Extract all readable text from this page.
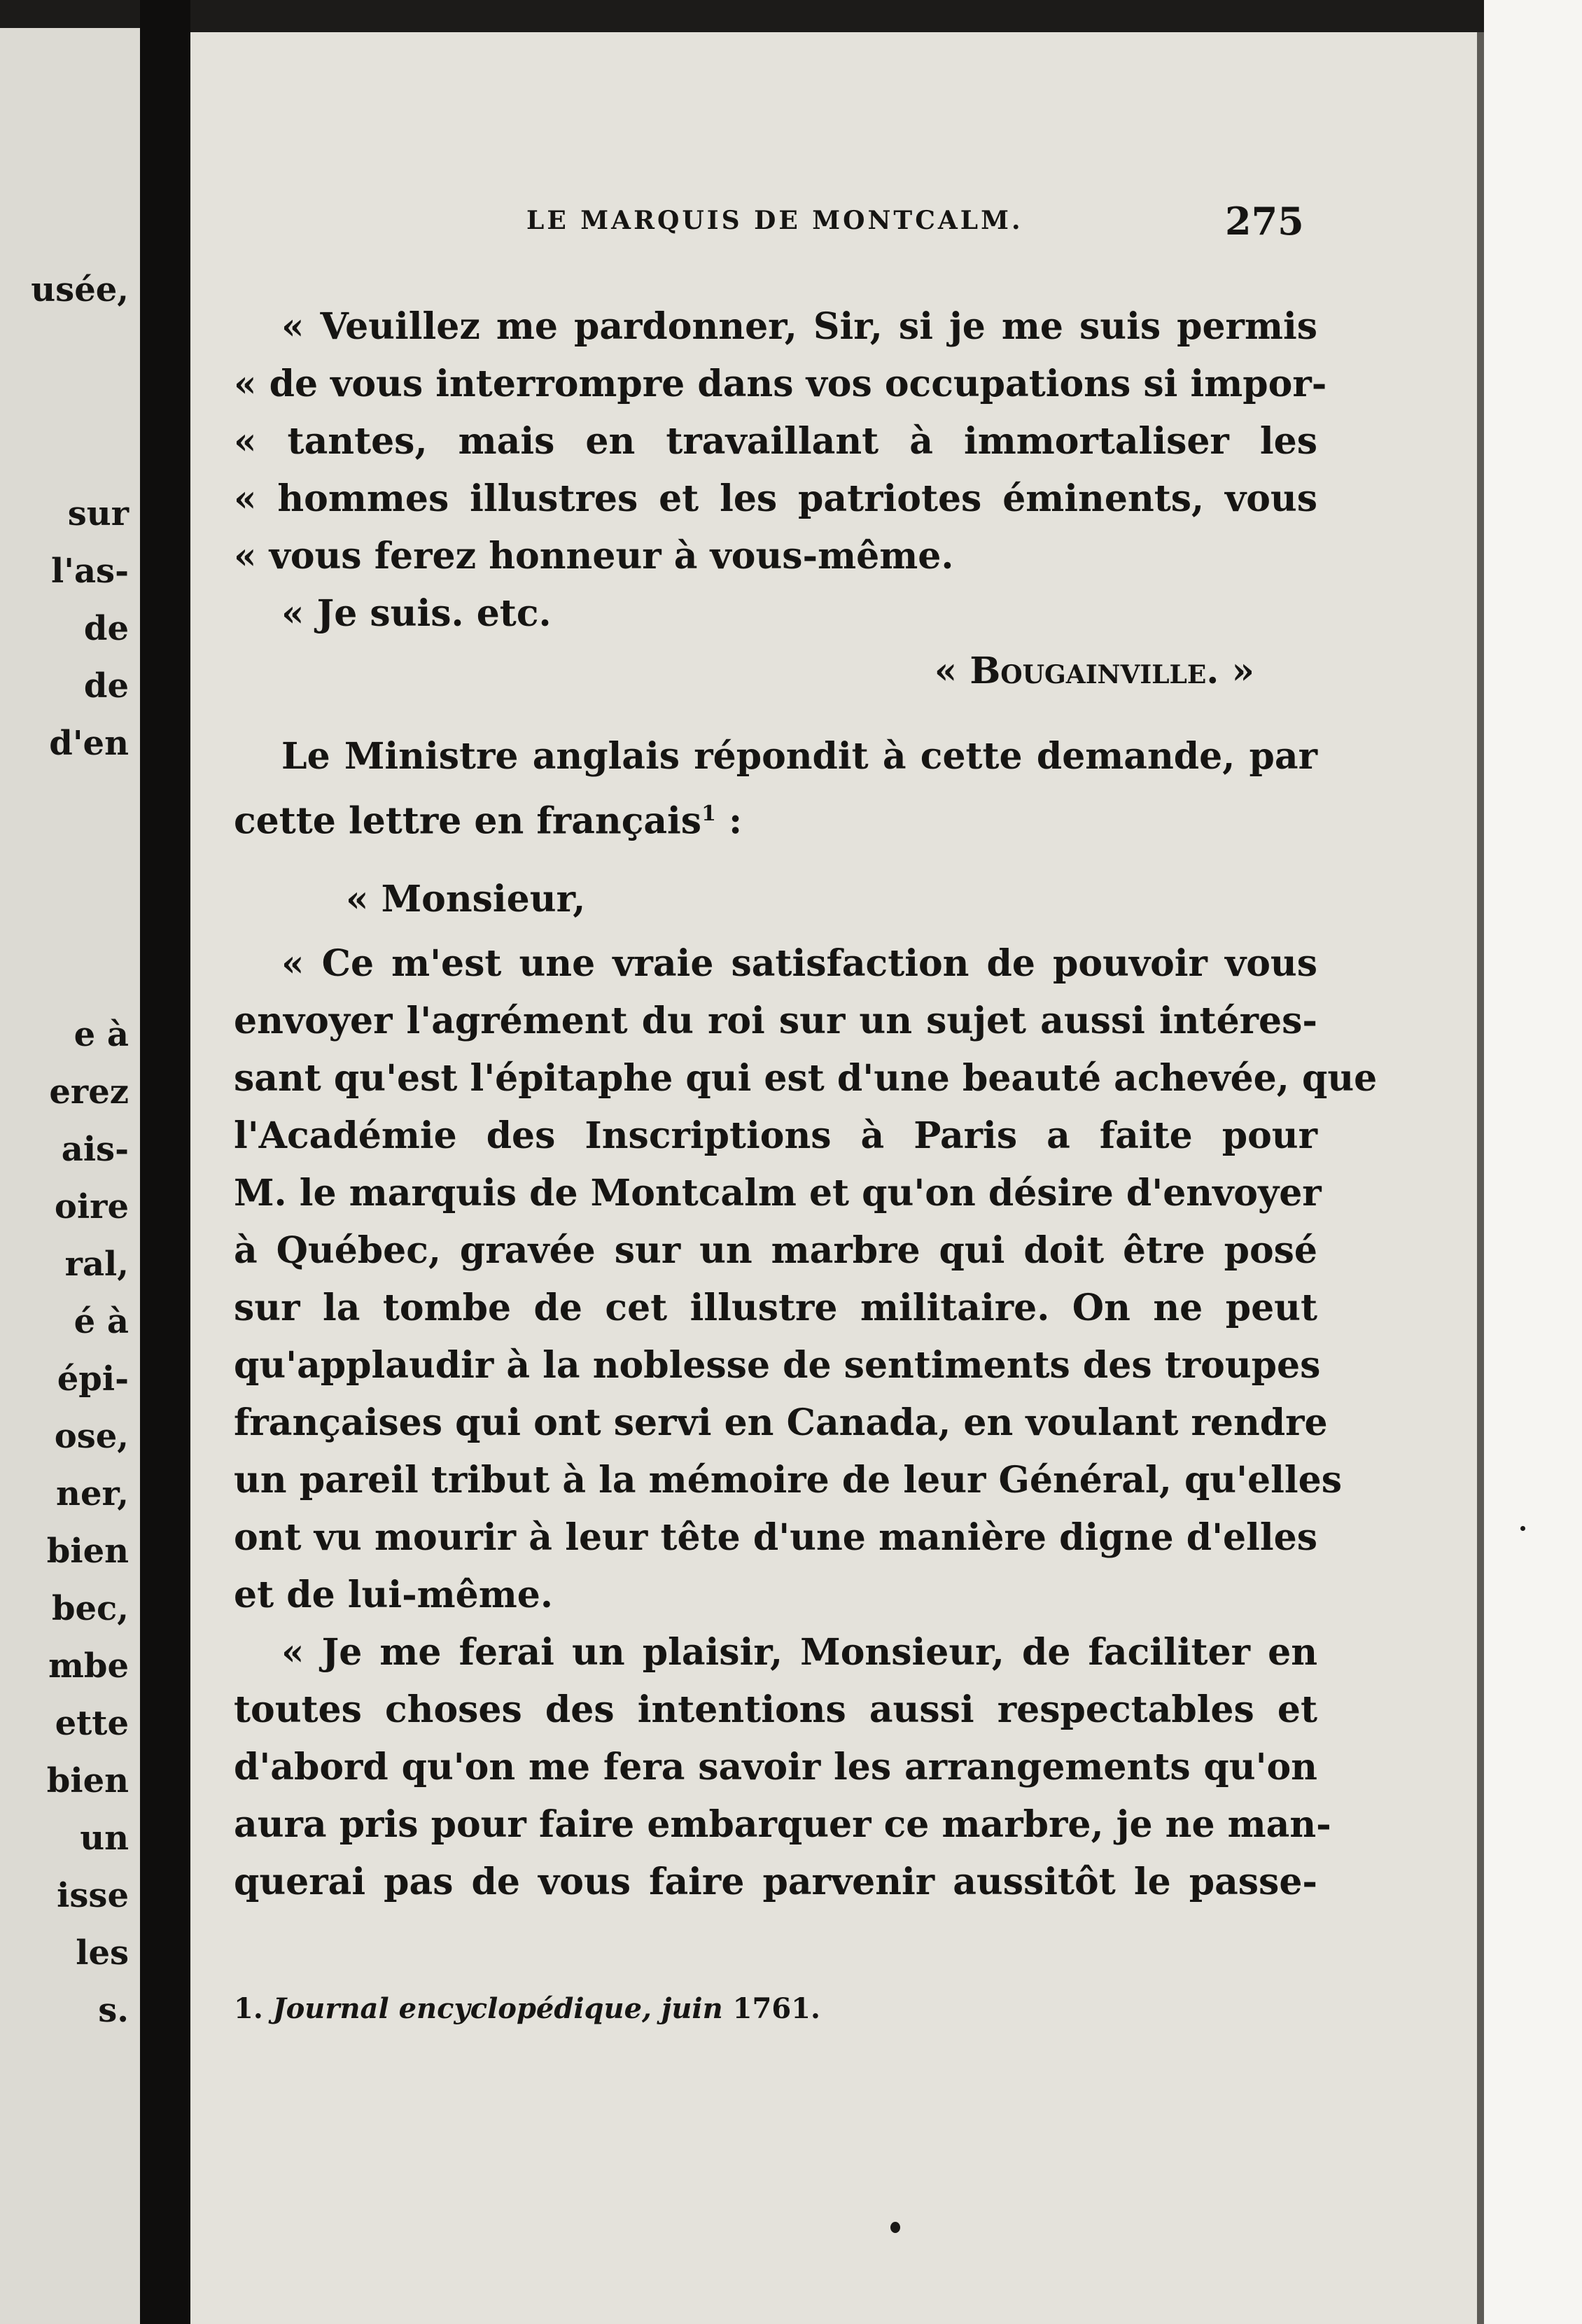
usée,
sur
l'as-
de
de
d'en
e à
erez
ais-
oire
ral,
é à
épi-
ose,
ner,
bien
bec,
mbe
ette
bien
un
isse
les
s.
LE MARQUIS DE MONTCALM.	275
« Veuillez me pardonner, Sir, si je me suis permis
« de vous interrompre dans vos occupations si impor-
« tantes, mais en travaillant à immortaliser les
« hommes illustres et les patriotes éminents, vous
« vous ferez honneur à vous-même.
« Je suis. etc.
« Bougainville. »
Le Ministre anglais répondit à cette demande, par
cette lettre en français$^1$ :
« Monsieur,
« Ce m'est une vraie satisfaction de pouvoir vous
envoyer l'agrément du roi sur un sujet aussi intéres-
sant qu'est l'épitaphe qui est d'une beauté achevée, que
l'Académie des Inscriptions à Paris a faite pour
M. le marquis de Montcalm et qu'on désire d'envoyer
à Québec, gravée sur un marbre qui doit être posé
sur la tombe de cet illustre militaire. On ne peut
qu'applaudir à la noblesse de sentiments des troupes
françaises qui ont servi en Canada, en voulant rendre
un pareil tribut à la mémoire de leur Général, qu'elles
ont vu mourir à leur tête d'une manière digne d'elles
et de lui-même.
« Je me ferai un plaisir, Monsieur, de faciliter en
toutes choses des intentions aussi respectables et
d'abord qu'on me fera savoir les arrangements qu'on
aura pris pour faire embarquer ce marbre, je ne man-
querai pas de vous faire parvenir aussitôt le passe-
1. Journal encyclopédique, juin 1761.
